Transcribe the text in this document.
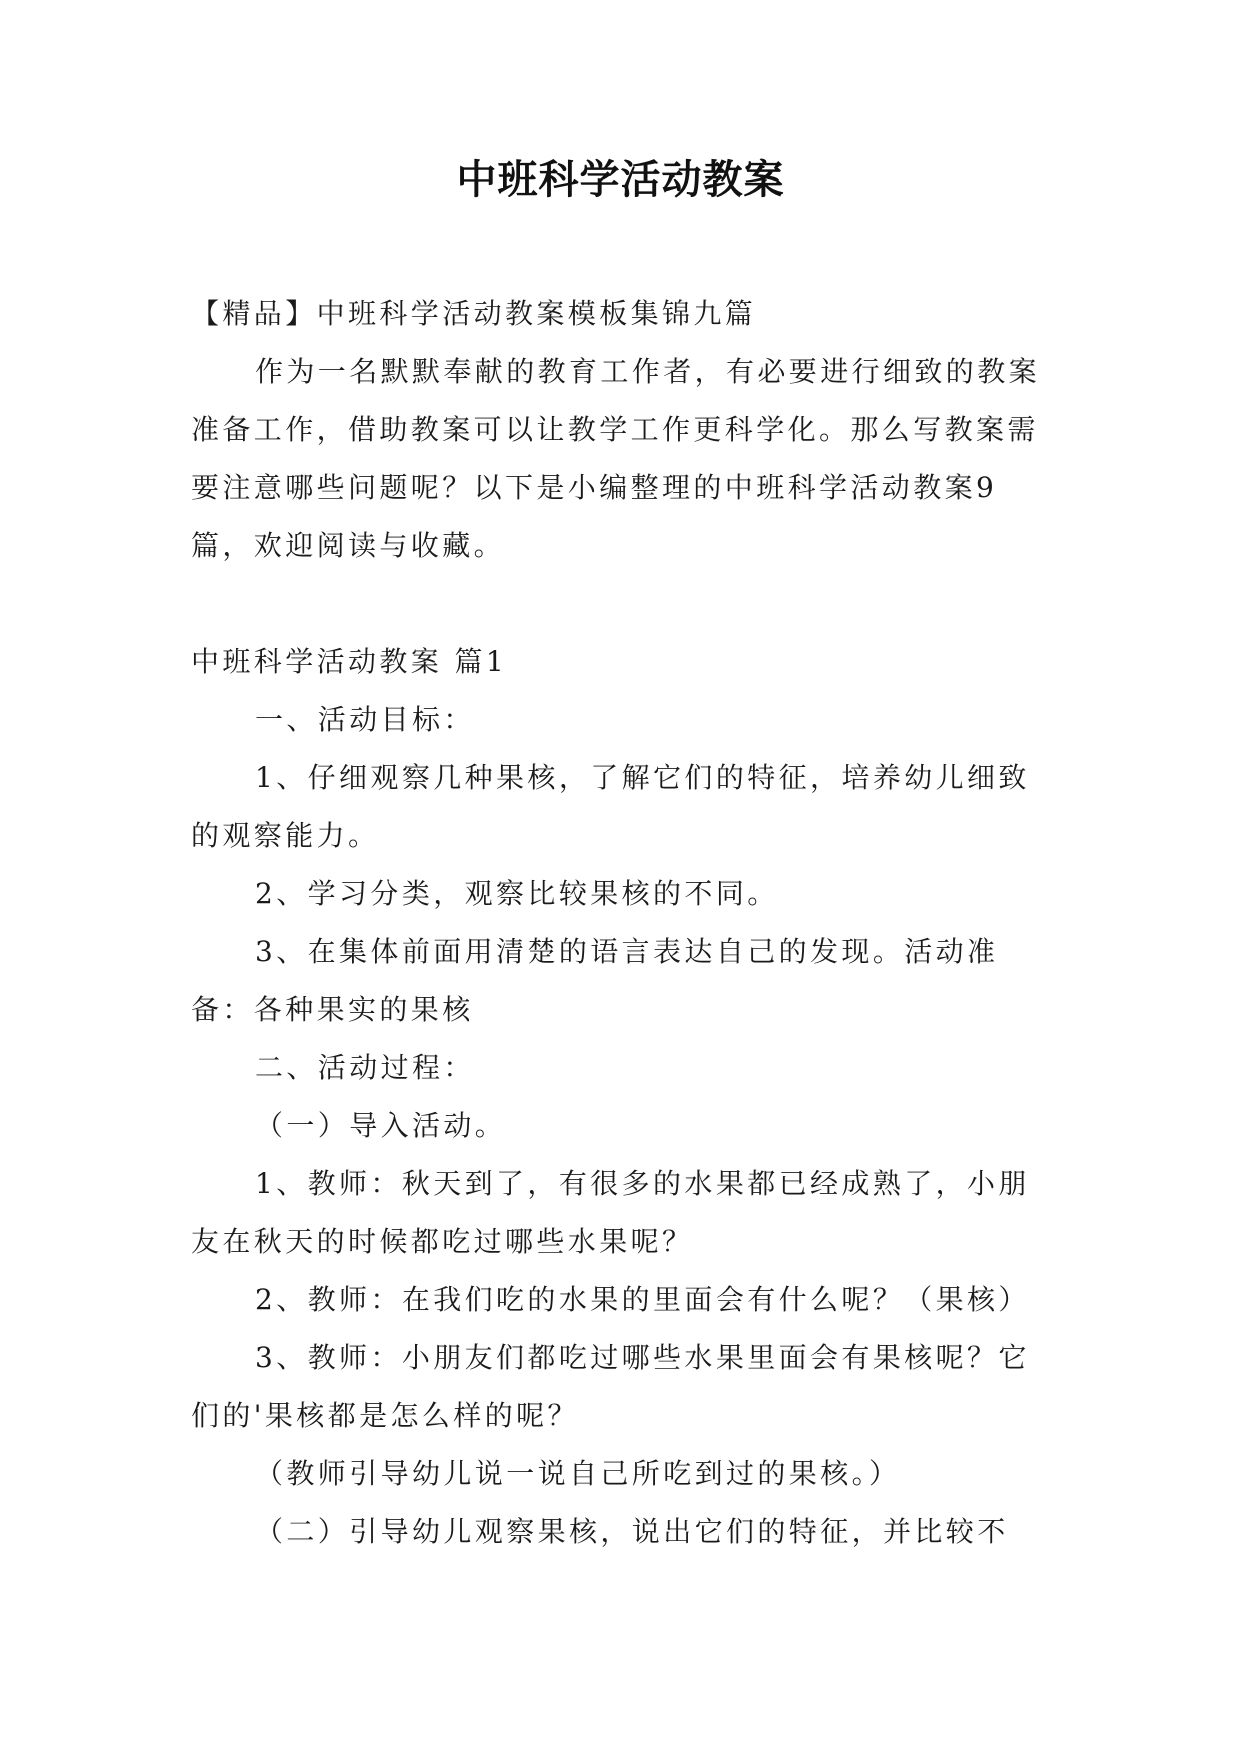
中班科学活动教案

【精品】中班科学活动教案模板集锦九篇

作为一名默默奉献的教育工作者，有必要进行细致的教案准备工作，借助教案可以让教学工作更科学化。那么写教案需要注意哪些问题呢？以下是小编整理的中班科学活动教案9篇，欢迎阅读与收藏。

中班科学活动教案 篇1

一、活动目标：

1、仔细观察几种果核，了解它们的特征，培养幼儿细致的观察能力。

2、学习分类，观察比较果核的不同。

3、在集体前面用清楚的语言表达自己的发现。活动准备：各种果实的果核

二、活动过程：

（一）导入活动。

1、教师：秋天到了，有很多的水果都已经成熟了，小朋友在秋天的时候都吃过哪些水果呢？

2、教师：在我们吃的水果的里面会有什么呢？（果核）

3、教师：小朋友们都吃过哪些水果里面会有果核呢？它们的'果核都是怎么样的呢？

（教师引导幼儿说一说自己所吃到过的果核。）

（二）引导幼儿观察果核，说出它们的特征，并比较不
